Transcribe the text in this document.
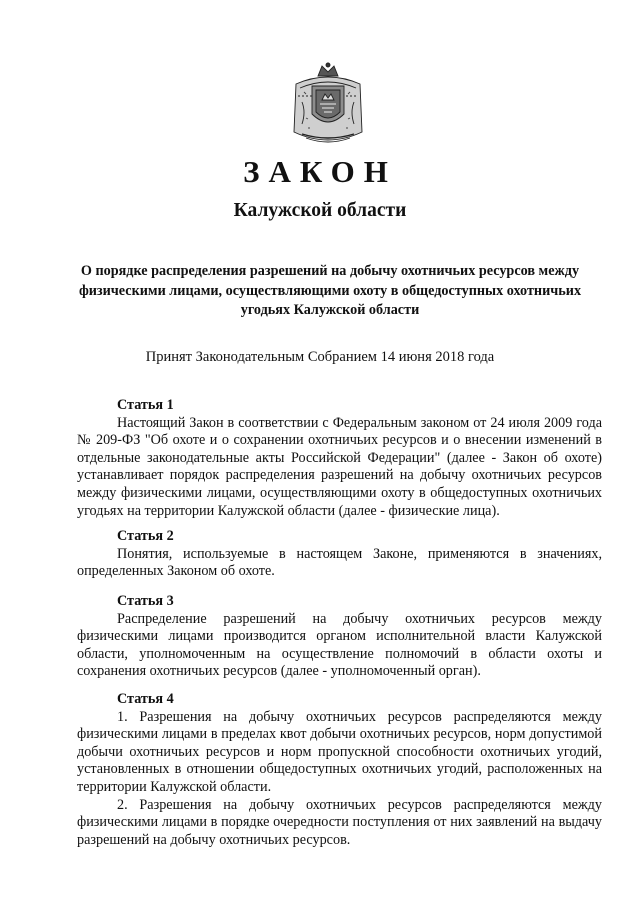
ЗАКОН
Калужской области
О порядке распределения разрешений на добычу охотничьих ресурсов между физическими лицами, осуществляющими охоту в общедоступных охотничьих угодьях Калужской области
Принят Законодательным Собранием 14 июня 2018 года
Статья 1

Настоящий Закон в соответствии с Федеральным законом от 24 июля 2009 года № 209-ФЗ "Об охоте и о сохранении охотничьих ресурсов и о внесении изменений в отдельные законодательные акты Российской Федерации" (далее - Закон об охоте) устанавливает порядок распределения разрешений на добычу охотничьих ресурсов между физическими лицами, осуществляющими охоту в общедоступных охотничьих угодьях на территории Калужской области (далее - физические лица).

Статья 2

Понятия, используемые в настоящем Законе, применяются в значениях, определенных Законом об охоте.

Статья 3

Распределение разрешений на добычу охотничьих ресурсов между физическими лицами производится органом исполнительной власти Калужской области, уполномоченным на осуществление полномочий в области охоты и сохранения охотничьих ресурсов (далее - уполномоченный орган).

Статья 4

1. Разрешения на добычу охотничьих ресурсов распределяются между физическими лицами в пределах квот добычи охотничьих ресурсов, норм допустимой добычи охотничьих ресурсов и норм пропускной способности охотничьих угодий, установленных в отношении общедоступных охотничьих угодий, расположенных на территории Калужской области.

2. Разрешения на добычу охотничьих ресурсов распределяются между физическими лицами в порядке очередности поступления от них заявлений на выдачу разрешений на добычу охотничьих ресурсов.
